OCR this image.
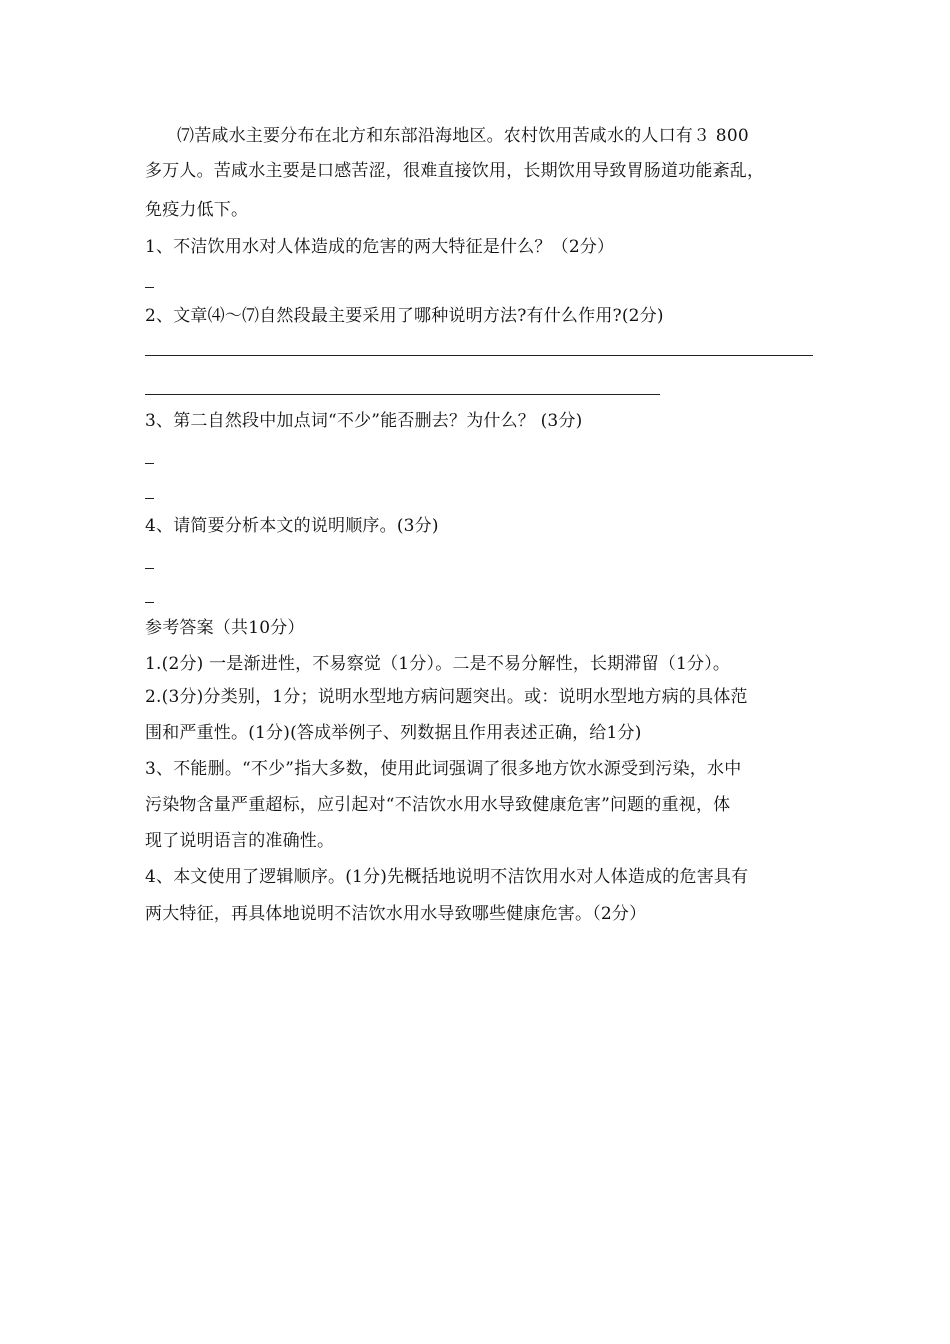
⑺苦咸水主要分布在北方和东部沿海地区。农村饮用苦咸水的人口有３ 800
多万人。苦咸水主要是口感苦涩，很难直接饮用，长期饮用导致胃肠道功能紊乱，
免疫力低下。
1、不洁饮用水对人体造成的危害的两大特征是什么？（2分）
2、文章⑷～⑺自然段最主要采用了哪种说明方法?有什么作用?(2分)
3、第二自然段中加点词“不少”能否删去？为什么？ (3分)
4、请简要分析本文的说明顺序。(3分)
参考答案（共10分）
1.(2分) 一是渐进性，不易察觉（1分）。二是不易分解性，长期滞留（1分）。
2.(3分)分类别，1分；说明水型地方病问题突出。或：说明水型地方病的具体范
围和严重性。(1分)(答成举例子、列数据且作用表述正确，给1分)
3、不能删。“不少”指大多数，使用此词强调了很多地方饮水源受到污染，水中
污染物含量严重超标，应引起对“不洁饮水用水导致健康危害”问题的重视，体
现了说明语言的准确性。
4、本文使用了逻辑顺序。(1分)先概括地说明不洁饮用水对人体造成的危害具有
两大特征，再具体地说明不洁饮水用水导致哪些健康危害。（2分）
